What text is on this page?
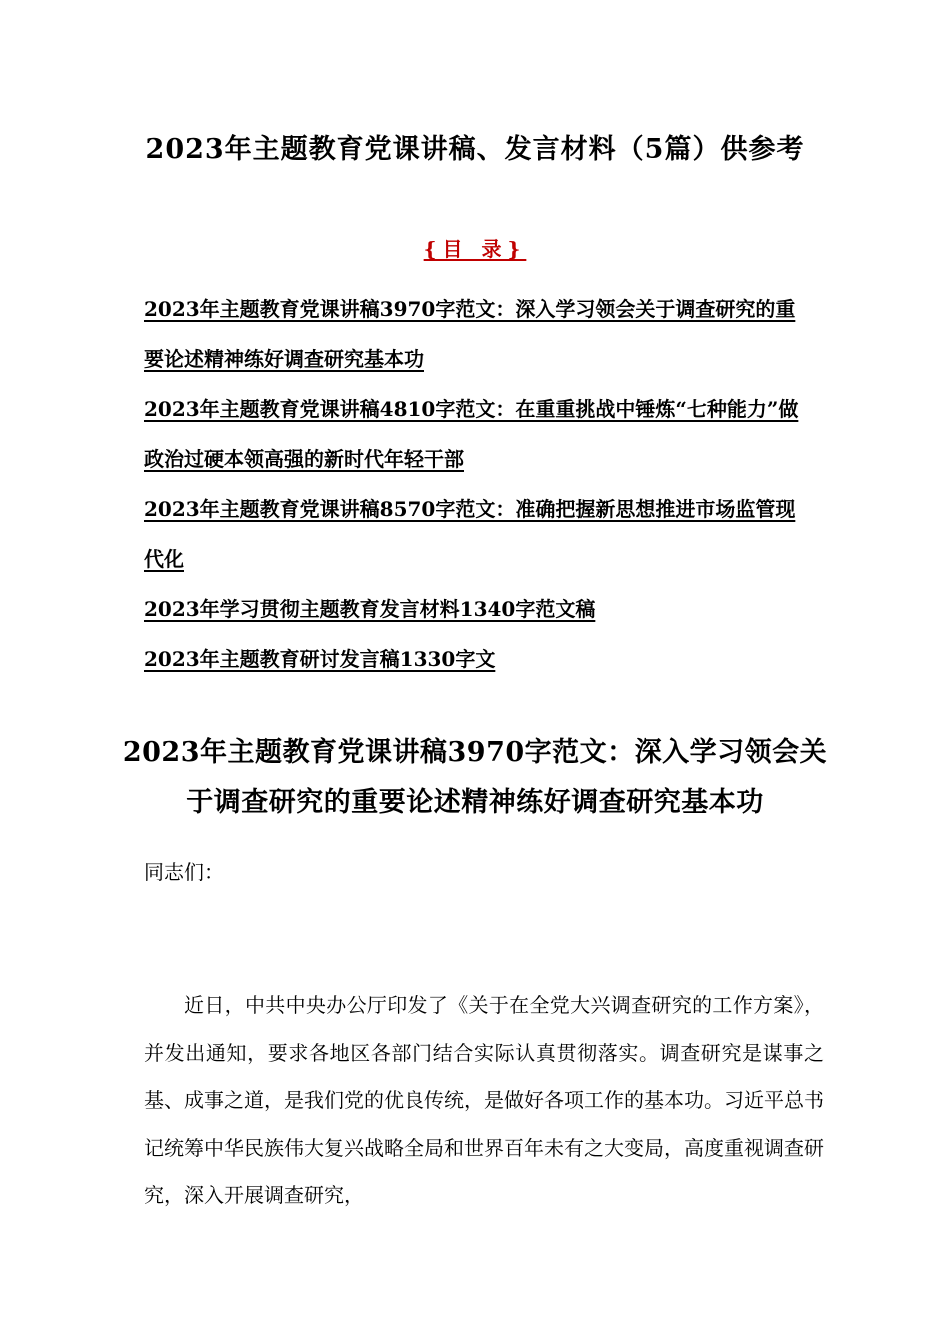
2023年主题教育党课讲稿、发言材料（5篇）供参考
{目 录}
2023年主题教育党课讲稿3970字范文：深入学习领会关于调查研究的重要论述精神练好调查研究基本功
2023年主题教育党课讲稿4810字范文：在重重挑战中锤炼“七种能力”做政治过硬本领高强的新时代年轻干部
2023年主题教育党课讲稿8570字范文：准确把握新思想推进市场监管现代化
2023年学习贯彻主题教育发言材料1340字范文稿
2023年主题教育研讨发言稿1330字文
2023年主题教育党课讲稿3970字范文：深入学习领会关于调查研究的重要论述精神练好调查研究基本功
同志们：

近日，中共中央办公厅印发了《关于在全党大兴调查研究的工作方案》，并发出通知，要求各地区各部门结合实际认真贯彻落实。调查研究是谋事之基、成事之道，是我们党的优良传统，是做好各项工作的基本功。习近平总书记统筹中华民族伟大复兴战略全局和世界百年未有之大变局，高度重视调查研究，深入开展调查研究，
